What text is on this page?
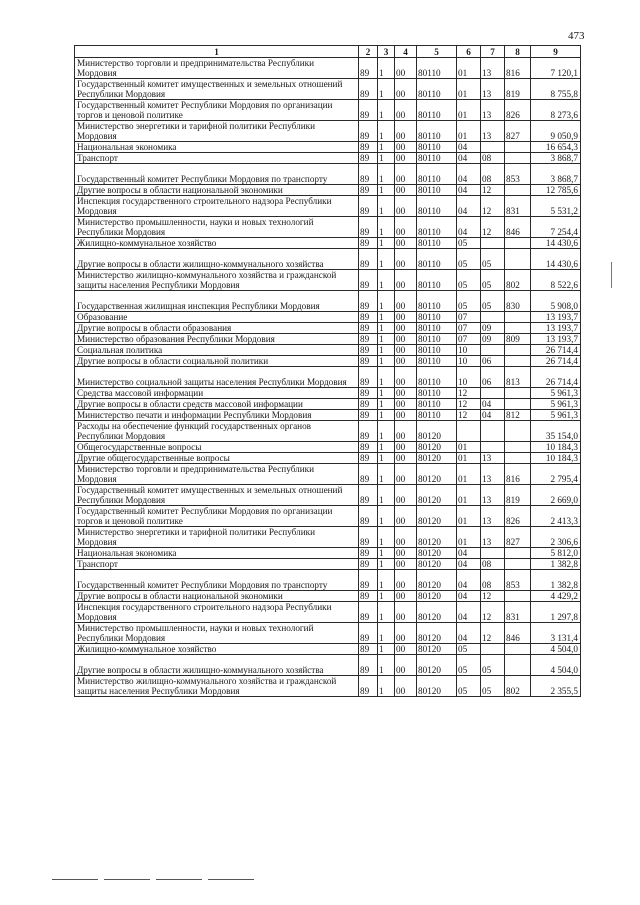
473
1	2	3	4	5	6	7	8	9
Министерство торговли и предпринимательства Республики Мордовия	89	1	00	80110	01	13	816	7 120,1
Государственный комитет имущественных и земельных отношений Республики Мордовия	89	1	00	80110	01	13	819	8 755,8
Государственный комитет Республики Мордовия по организации торгов и ценовой политике	89	1	00	80110	01	13	826	8 273,6
Министерство энергетики и тарифной политики Республики Мордовия	89	1	00	80110	01	13	827	9 050,9
Национальная экономика	89	1	00	80110	04			16 654,3
Транспорт	89	1	00	80110	04	08		3 868,7
Государственный комитет Республики Мордовия по транспорту	89	1	00	80110	04	08	853	3 868,7
Другие вопросы в области национальной экономики	89	1	00	80110	04	12		12 785,6
Инспекция государственного строительного надзора Республики Мордовия	89	1	00	80110	04	12	831	5 531,2
Министерство промышленности, науки и новых технологий Республики Мордовия	89	1	00	80110	04	12	846	7 254,4
Жилищно-коммунальное хозяйство	89	1	00	80110	05			14 430,6
Другие вопросы в области жилищно-коммунального хозяйства	89	1	00	80110	05	05		14 430,6
Министерство жилищно-коммунального хозяйства и гражданской защиты населения Республики Мордовия	89	1	00	80110	05	05	802	8 522,6
Государственная жилищная инспекция Республики Мордовия	89	1	00	80110	05	05	830	5 908,0
Образование	89	1	00	80110	07			13 193,7
Другие вопросы в области образования	89	1	00	80110	07	09		13 193,7
Министерство образования Республики Мордовия	89	1	00	80110	07	09	809	13 193,7
Социальная политика	89	1	00	80110	10			26 714,4
Другие вопросы в области социальной политики	89	1	00	80110	10	06		26 714,4
Министерство социальной защиты населения Республики Мордовия	89	1	00	80110	10	06	813	26 714,4
Средства массовой информации	89	1	00	80110	12			5 961,3
Другие вопросы в области средств массовой информации	89	1	00	80110	12	04		5 961,3
Министерство печати и информации Республики Мордовия	89	1	00	80110	12	04	812	5 961,3
Расходы на обеспечение функций государственных органов Республики Мордовия	89	1	00	80120				35 154,0
Общегосударственные вопросы	89	1	00	80120	01			10 184,3
Другие общегосударственные вопросы	89	1	00	80120	01	13		10 184,3
Министерство торговли и предпринимательства Республики Мордовия	89	1	00	80120	01	13	816	2 795,4
Государственный комитет имущественных и земельных отношений Республики Мордовия	89	1	00	80120	01	13	819	2 669,0
Государственный комитет Республики Мордовия по организации торгов и ценовой политике	89	1	00	80120	01	13	826	2 413,3
Министерство энергетики и тарифной политики Республики Мордовия	89	1	00	80120	01	13	827	2 306,6
Национальная экономика	89	1	00	80120	04			5 812,0
Транспорт	89	1	00	80120	04	08		1 382,8
Государственный комитет Республики Мордовия по транспорту	89	1	00	80120	04	08	853	1 382,8
Другие вопросы в области национальной экономики	89	1	00	80120	04	12		4 429,2
Инспекция государственного строительного надзора Республики Мордовия	89	1	00	80120	04	12	831	1 297,8
Министерство промышленности, науки и новых технологий Республики Мордовия	89	1	00	80120	04	12	846	3 131,4
Жилищно-коммунальное хозяйство	89	1	00	80120	05			4 504,0
Другие вопросы в области жилищно-коммунального хозяйства	89	1	00	80120	05	05		4 504,0
Министерство жилищно-коммунального хозяйства и гражданской защиты населения Республики Мордовия	89	1	00	80120	05	05	802	2 355,5
